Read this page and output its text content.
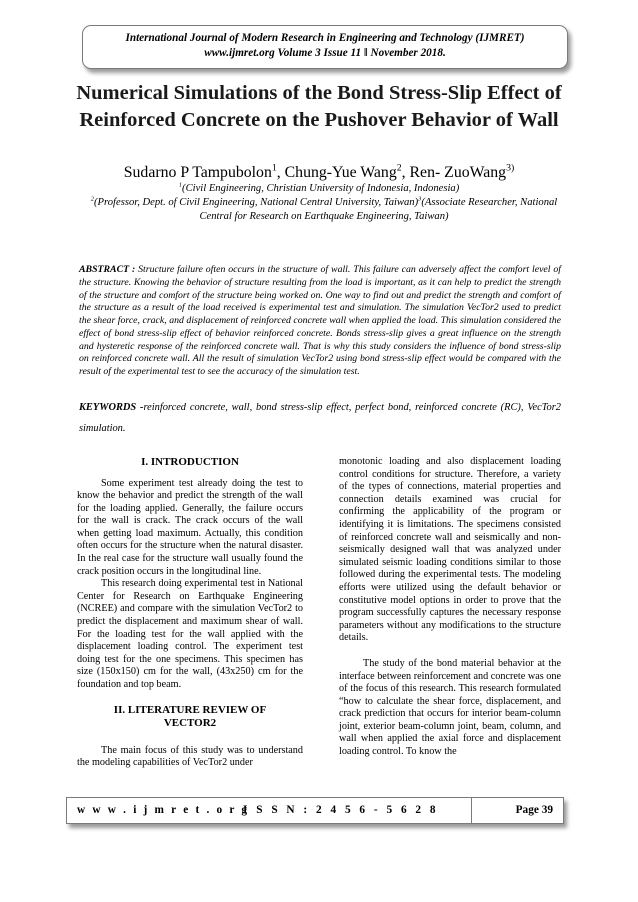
International Journal of Modern Research in Engineering and Technology (IJMRET)
www.ijmret.org Volume 3 Issue 11 ǁ November 2018.
Numerical Simulations of the Bond Stress-Slip Effect of
Reinforced Concrete on the Pushover Behavior of Wall
Sudarno P Tampubolon$^1$, Chung-Yue Wang$^2$, Ren- ZuoWang$^{3)}$
$^1$(Civil Engineering, Christian University of Indonesia, Indonesia)
$^2$(Professor, Dept. of Civil Engineering, National Central University, Taiwan)$^3$(Associate Researcher, National Central for Research on Earthquake Engineering, Taiwan)
ABSTRACT : Structure failure often occurs in the structure of wall. This failure can adversely affect the comfort level of the structure. Knowing the behavior of structure resulting from the load is important, as it can help to predict the strength of the structure and comfort of the structure being worked on. One way to find out and predict the strength and comfort of the structure as a result of the load received is experimental test and simulation. The simulation VecTor2 used to predict the shear force, crack, and displacement of reinforced concrete wall when applied the load. This simulation considered the effect of bond stress-slip effect of behavior reinforced concrete. Bonds stress-slip gives a great influence on the strength and hysteretic response of the reinforced concrete wall. That is why this study considers the influence of bond stress-slip on reinforced concrete wall. All the result of simulation VecTor2 using bond stress-slip effect would be compared with the result of the experimental test to see the accuracy of the simulation test.
KEYWORDS -reinforced concrete, wall, bond stress-slip effect, perfect bond, reinforced concrete (RC), VecTor2 simulation.

I. INTRODUCTION

Some experiment test already doing the test to know the behavior and predict the strength of the wall for the loading applied. Generally, the failure occurs for the wall is crack. The crack occurs of the wall when getting load maximum. Actually, this condition often occurs for the structure when the natural disaster. In the real case for the structure wall usually found the crack position occurs in the longitudinal line.

This research doing experimental test in National Center for Research on Earthquake Engineering (NCREE) and compare with the simulation VecTor2 to predict the displacement and maximum shear of wall. For the loading test for the wall applied with the displacement loading control. The experiment test doing test for the one specimens. This specimen has size (150x150) cm for the wall, (43x250) cm for the foundation and top beam.

II. LITERATURE REVIEW OF

VECTOR2

The main focus of this study was to understand the modeling capabilities of VecTor2 under

monotonic loading and also displacement loading control conditions for structure. Therefore, a variety of the types of connections, material properties and connection details examined was crucial for confirming the applicability of the program or identifying it is limitations. The specimens consisted of reinforced concrete wall and seismically and non-seismically designed wall that was analyzed under simulated seismic loading conditions similar to those followed during the experimental tests. The modeling efforts were utilized using the default behavior or constitutive model options in order to prove that the program successfully captures the necessary response parameters without any modifications to the structure details.

The study of the bond material behavior at the interface between reinforcement and concrete was one of the focus of this research. This research formulated “how to calculate the shear force, displacement, and crack prediction that occurs for interior beam-column joint, exterior beam-column joint, beam, column, and wall when applied the axial force and displacement loading control. To know the

w w w . i j m r e t . o r g
I S S N : 2 4 5 6 - 5 6 2 8	Page 39
